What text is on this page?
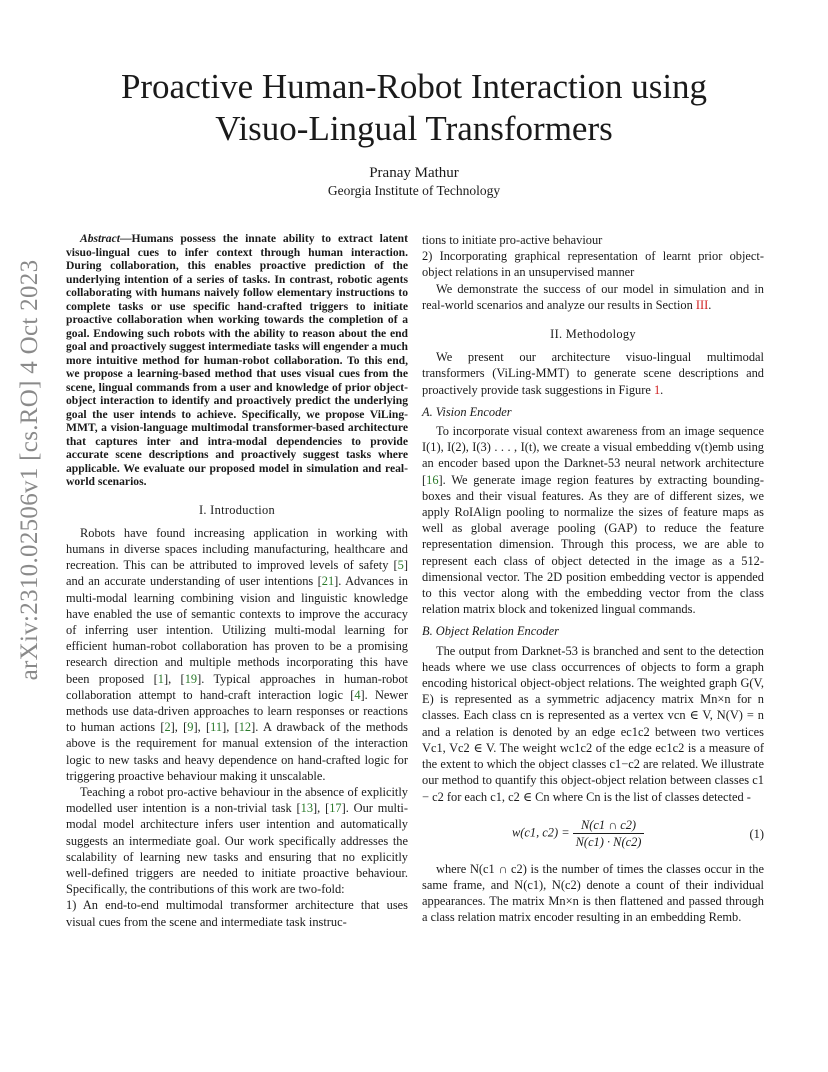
Proactive Human-Robot Interaction using
Visuo-Lingual Transformers
Pranay Mathur
Georgia Institute of Technology
arXiv:2310.02506v1 [cs.RO] 4 Oct 2023

Abstract—Humans possess the innate ability to extract latent visuo-lingual cues to infer context through human interaction. During collaboration, this enables proactive prediction of the underlying intention of a series of tasks. In contrast, robotic agents collaborating with humans naively follow elementary instructions to complete tasks or use specific hand-crafted triggers to initiate proactive collaboration when working towards the completion of a goal. Endowing such robots with the ability to reason about the end goal and proactively suggest intermediate tasks will engender a much more intuitive method for human-robot collaboration. To this end, we propose a learning-based method that uses visual cues from the scene, lingual commands from a user and knowledge of prior object-object interaction to identify and proactively predict the underlying goal the user intends to achieve. Specifically, we propose ViLing-MMT, a vision-language multimodal transformer-based architecture that captures inter and intra-modal dependencies to provide accurate scene descriptions and proactively suggest tasks where applicable. We evaluate our proposed model in simulation and real-world scenarios.

I. Introduction

Robots have found increasing application in working with humans in diverse spaces including manufacturing, healthcare and recreation. This can be attributed to improved levels of safety [5] and an accurate understanding of user intentions [21]. Advances in multi-modal learning combining vision and linguistic knowledge have enabled the use of semantic contexts to improve the accuracy of inferring user intention. Utilizing multi-modal learning for efficient human-robot collaboration has proven to be a promising research direction and multiple methods incorporating this have been proposed [1], [19]. Typical approaches in human-robot collaboration attempt to hand-craft interaction logic [4]. Newer methods use data-driven approaches to learn responses or reactions to human actions [2], [9], [11], [12]. A drawback of the methods above is the requirement for manual extension of the interaction logic to new tasks and heavy dependence on hand-crafted logic for triggering proactive behaviour making it unscalable.

Teaching a robot pro-active behaviour in the absence of explicitly modelled user intention is a non-trivial task [13], [17]. Our multi-modal model architecture infers user intention and automatically suggests an intermediate goal. Our work specifically addresses the scalability of learning new tasks and ensuring that no explicitly well-defined triggers are needed to initiate proactive behaviour. Specifically, the contributions of this work are two-fold:

1) An end-to-end multimodal transformer architecture that uses visual cues from the scene and intermediate task instruc-

tions to initiate pro-active behaviour

2) Incorporating graphical representation of learnt prior object-object relations in an unsupervised manner

We demonstrate the success of our model in simulation and in real-world scenarios and analyze our results in Section III.

II. Methodology

We present our architecture visuo-lingual multimodal transformers (ViLing-MMT) to generate scene descriptions and proactively provide task suggestions in Figure 1.

A. Vision Encoder

To incorporate visual context awareness from an image sequence I(1), I(2), I(3) . . . , I(t), we create a visual embedding v(t)emb using an encoder based upon the Darknet-53 neural network architecture [16]. We generate image region features by extracting bounding-boxes and their visual features. As they are of different sizes, we apply RoIAlign pooling to normalize the sizes of feature maps as well as global average pooling (GAP) to reduce the feature representation dimension. Through this process, we are able to represent each class of object detected in the image as a 512-dimensional vector. The 2D position embedding vector is appended to this vector along with the embedding vector from the class relation matrix block and tokenized lingual commands.

B. Object Relation Encoder

The output from Darknet-53 is branched and sent to the detection heads where we use class occurrences of objects to form a graph encoding historical object-object relations. The weighted graph G(V, E) is represented as a symmetric adjacency matrix Mn×n for n classes. Each class cn is represented as a vertex vcn ∈ V, N(V) = n and a relation is denoted by an edge ec1c2 between two vertices Vc1, Vc2 ∈ V. The weight wc1c2 of the edge ec1c2 is a measure of the extent to which the object classes c1−c2 are related. We illustrate our method to quantify this object-object relation between classes c1 − c2 for each c1, c2 ∈ Cn where Cn is the list of classes detected -

w(c1, $c2) = \frac{N(c1 \cap c2)}{N(c1) \cdot N(c2)}$	(1)

where N(c1 ∩ c2) is the number of times the classes occur in the same frame, and N(c1), N(c2) denote a count of their individual appearances. The matrix Mn×n is then flattened and passed through a class relation matrix encoder resulting in an embedding Remb.
